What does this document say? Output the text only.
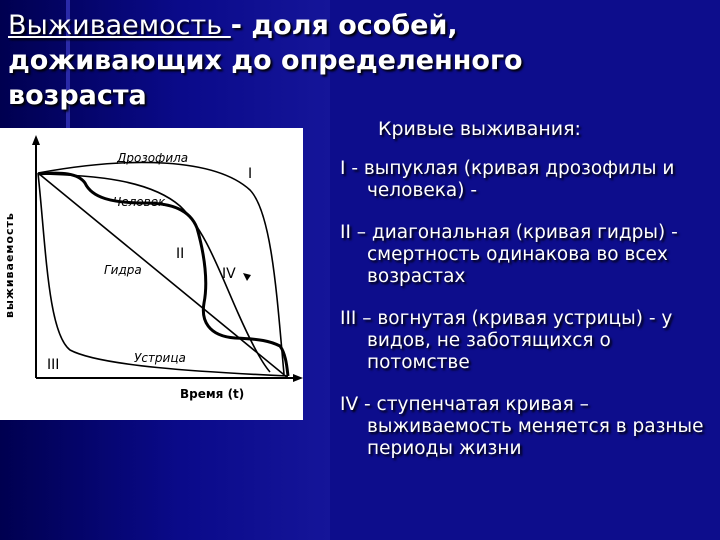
Выживаемость - доля особей, доживающих до определенного возраста
выживаемость
Время (t)
Дрозофила
Человек
Гидра
Устрица
I
II
III
IV
Кривые выживания:
I - выпуклая (кривая дрозофилы и человека) -
II – диагональная (кривая гидры) - смертность одинакова во всех возрастах
III – вогнутая (кривая устрицы) - у видов, не заботящихся о потомстве
IV - ступенчатая кривая –выживаемость меняется в разные периоды жизни
